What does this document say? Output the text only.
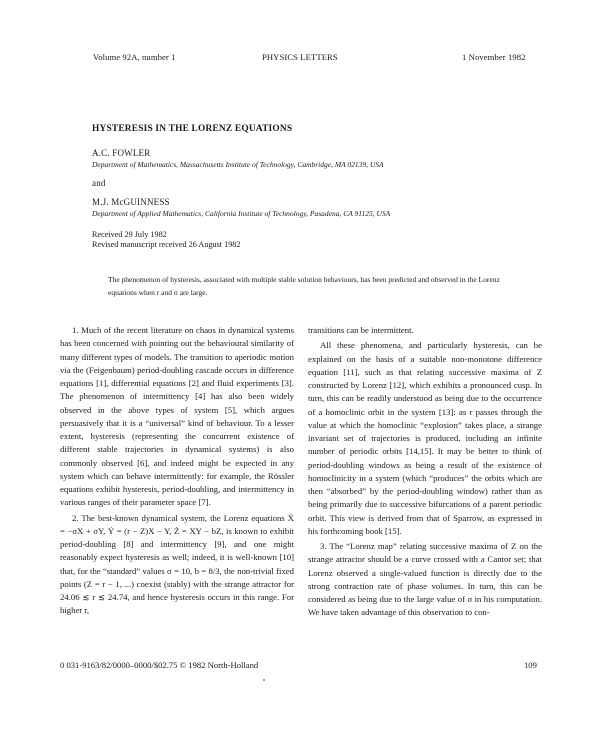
Volume 92A, number 1	PHYSICS LETTERS	1 November 1982
HYSTERESIS IN THE LORENZ EQUATIONS
A.C. FOWLER
Department of Mathematics, Massachusetts Institute of Technology, Cambridge, MA 02139, USA
and
M.J. McGUINNESS
Department of Applied Mathematics, California Institute of Technology, Pasadena, CA 91125, USA
Received 29 July 1982
Revised manuscript received 26 August 1982
The phenomenon of hysteresis, associated with multiple stable solution behaviours, has been predicted and observed in the Lorenz equations when r and σ are large.

1. Much of the recent literature on chaos in dynamical systems has been concerned with pointing out the behavioural similarity of many different types of models. The transition to aperiodic motion via the (Feigenbaum) period-doubling cascade occurs in difference equations [1], differential equations [2] and fluid experiments [3]. The phenomenon of intermittency [4] has also been widely observed in the above types of system [5], which argues persuasively that it is a “universal” kind of behaviour. To a lesser extent, hysteresis (representing the concurrent existence of different stable trajectories in dynamical systems) is also commonly observed [6], and indeed might be expected in any system which can behave intermittently: for example, the Rössler equations exhibit hysteresis, period-doubling, and intermittency in various ranges of their parameter space [7].

2. The best-known dynamical system, the Lorenz equations Ẋ = −σX + σY, Ẏ = (r − Z)X − Y, Ż = XY − bZ, is known to exhibit period-doubling [8] and intermittency [9], and one might reasonably expect hysteresis as well; indeed, it is well-known [10] that, for the “standard” values σ = 10, b = 8/3, the non-trivial fixed points (Z = r − 1, ...) coexist (stably) with the strange attractor for 24.06 ≲ r ≲ 24.74, and hence hysteresis occurs in this range. For higher r,

transitions can be intermittent.

All these phenomena, and particularly hysteresis, can be explained on the basis of a suitable non-monotone difference equation [11], such as that relating successive maxima of Z constructed by Lorenz [12], which exhibits a pronounced cusp. In turn, this can be readily understood as being due to the occurrence of a homoclinic orbit in the system [13]: as r passes through the value at which the homoclinic “explosion” takes place, a strange invariant set of trajectories is produced, including an infinite number of periodic orbits [14,15]. It may be better to think of period-doubling windows as being a result of the existence of homoclinicity in a system (which “produces” the orbits which are then “absorbed” by the period-doubling window) rather than as being primarily due to successive bifurcations of a parent periodic orbit. This view is derived from that of Sparrow, as expressed in his forthcoming book [15].

3. The “Lorenz map” relating successive maxima of Z on the strange attractor should be a curve crossed with a Cantor set; that Lorenz observed a single-valued function is directly due to the strong contraction rate of phase volumes. In turn, this can be considered as being due to the large value of σ in his computation. We have taken advantage of this observation to con-

0 031-9163/82/0000–0000/$02.75 © 1982 North-Holland	109
